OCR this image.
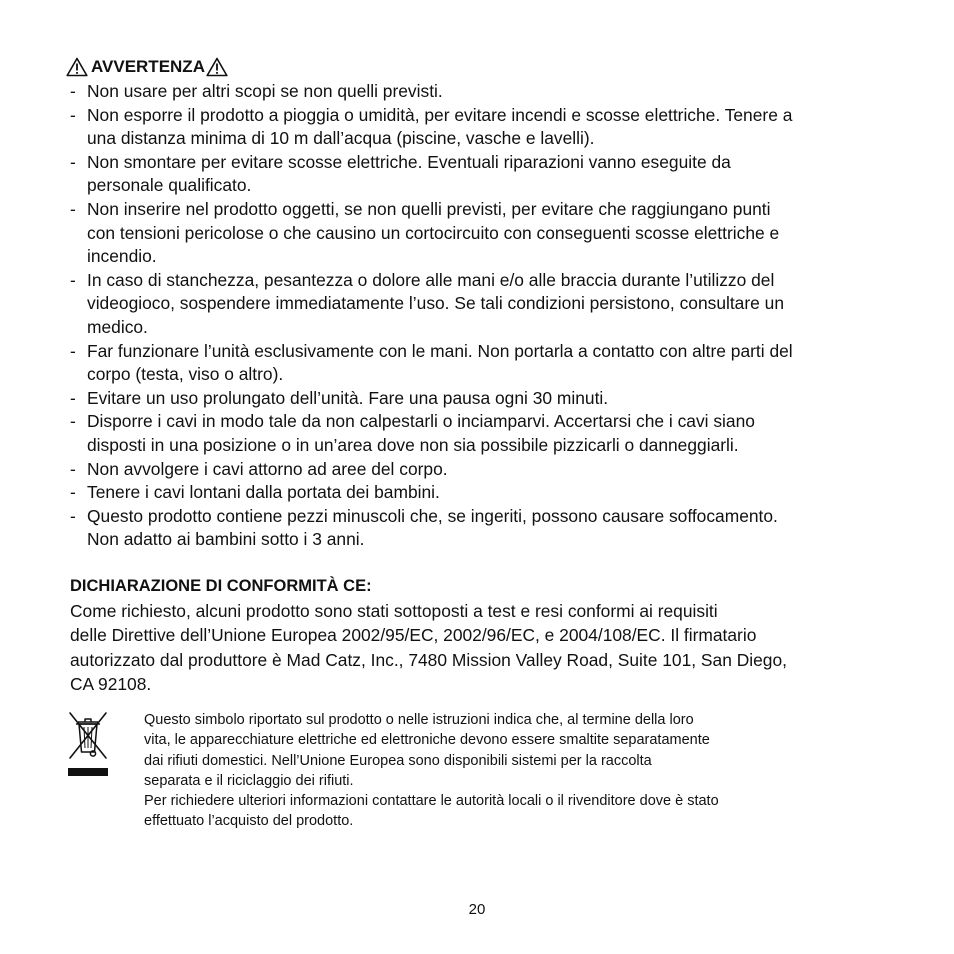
AVVERTENZA
- Non usare per altri scopi se non quelli previsti.
- Non esporre il prodotto a pioggia o umidità, per evitare incendi e scosse elettriche. Tenere a
una distanza minima di 10 m dall’acqua (piscine, vasche e lavelli).
- Non smontare per evitare scosse elettriche. Eventuali riparazioni vanno eseguite da
personale qualificato.
- Non inserire nel prodotto oggetti, se non quelli previsti, per evitare che raggiungano punti
con tensioni pericolose o che causino un cortocircuito con conseguenti scosse elettriche e
incendio.
- In caso di stanchezza, pesantezza o dolore alle mani e/o alle braccia durante l’utilizzo del
videogioco, sospendere immediatamente l’uso. Se tali condizioni persistono, consultare un
medico.
- Far funzionare l’unità esclusivamente con le mani. Non portarla a contatto con altre parti del
corpo (testa, viso o altro).
- Evitare un uso prolungato dell’unità. Fare una pausa ogni 30 minuti.
- Disporre i cavi in modo tale da non calpestarli o inciamparvi. Accertarsi che i cavi siano
disposti in una posizione o in un’area dove non sia possibile pizzicarli o danneggiarli.
- Non avvolgere i cavi attorno ad aree del corpo.
- Tenere i cavi lontani dalla portata dei bambini.
- Questo prodotto contiene pezzi minuscoli che, se ingeriti, possono causare soffocamento.
Non adatto ai bambini sotto i 3 anni.
DICHIARAZIONE DI CONFORMITÀ CE:
Come richiesto, alcuni prodotto sono stati sottoposti a test e resi conformi ai requisiti
delle Direttive dell’Unione Europea 2002/95/EC, 2002/96/EC, e 2004/108/EC. Il firmatario
autorizzato dal produttore è Mad Catz, Inc., 7480 Mission Valley Road, Suite 101, San Diego,
CA 92108.
Questo simbolo riportato sul prodotto o nelle istruzioni indica che, al termine della loro
vita, le apparecchiature elettriche ed elettroniche devono essere smaltite separatamente
dai rifiuti domestici. Nell’Unione Europea sono disponibili sistemi per la raccolta
separata e il riciclaggio dei rifiuti.
Per richiedere ulteriori informazioni contattare le autorità locali o il rivenditore dove è stato
effettuato l’acquisto del prodotto.
20
